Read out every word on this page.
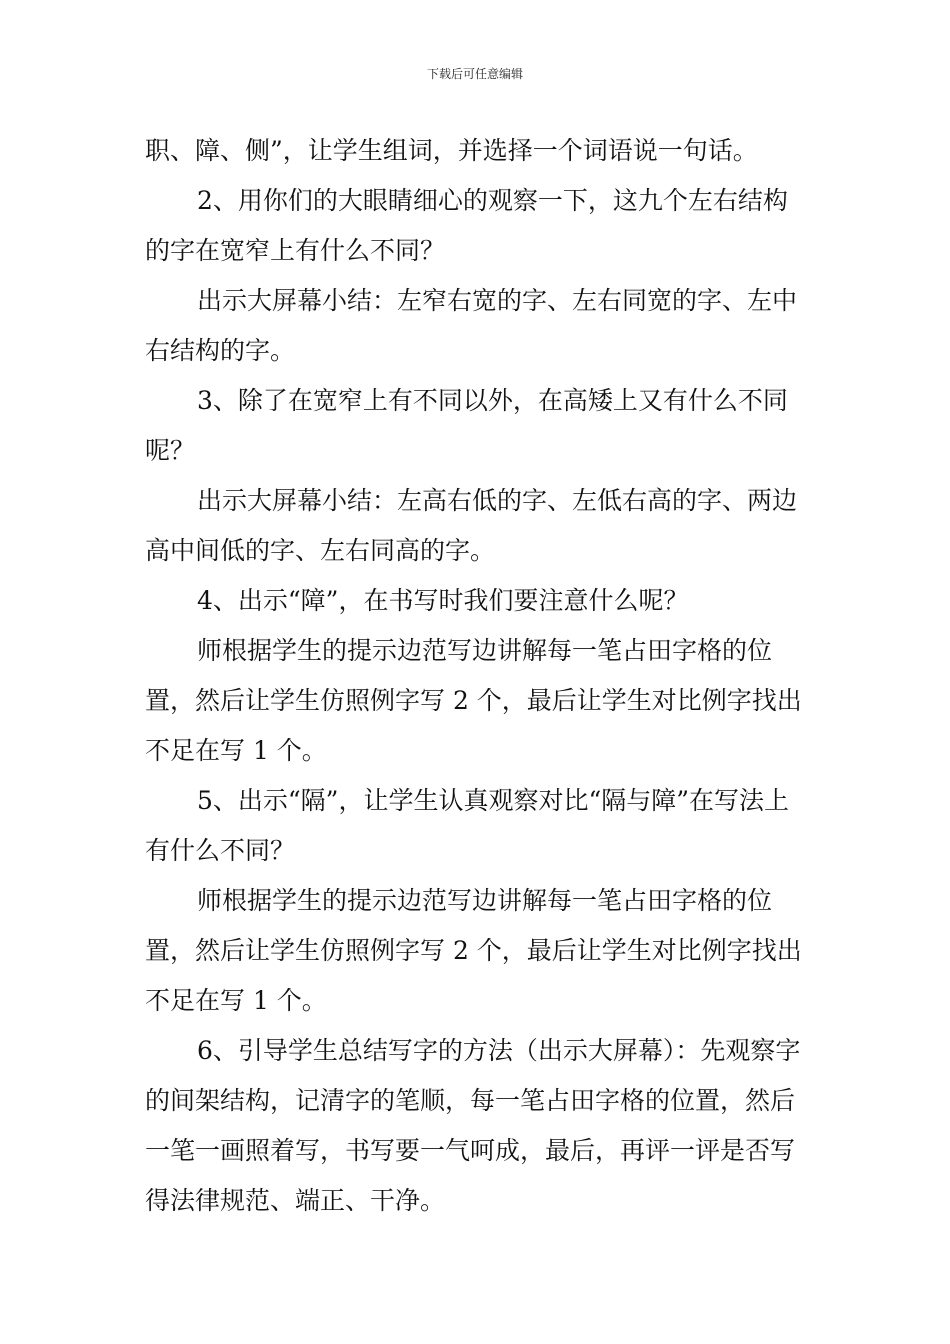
下载后可任意编辑

职、障、侧”，让学生组词，并选择一个词语说一句话。

2、用你们的大眼睛细心的观察一下，这九个左右结构的字在宽窄上有什么不同？

出示大屏幕小结：左窄右宽的字、左右同宽的字、左中右结构的字。

3、除了在宽窄上有不同以外，在高矮上又有什么不同呢？

出示大屏幕小结：左高右低的字、左低右高的字、两边高中间低的字、左右同高的字。

4、出示“障”，在书写时我们要注意什么呢？

师根据学生的提示边范写边讲解每一笔占田字格的位置，然后让学生仿照例字写 2 个，最后让学生对比例字找出不足在写 1 个。

5、出示“隔”，让学生认真观察对比“隔与障”在写法上有什么不同？

师根据学生的提示边范写边讲解每一笔占田字格的位置，然后让学生仿照例字写 2 个，最后让学生对比例字找出不足在写 1 个。

6、引导学生总结写字的方法（出示大屏幕）：先观察字的间架结构，记清字的笔顺，每一笔占田字格的位置，然后一笔一画照着写，书写要一气呵成，最后，再评一评是否写得法律规范、端正、干净。
